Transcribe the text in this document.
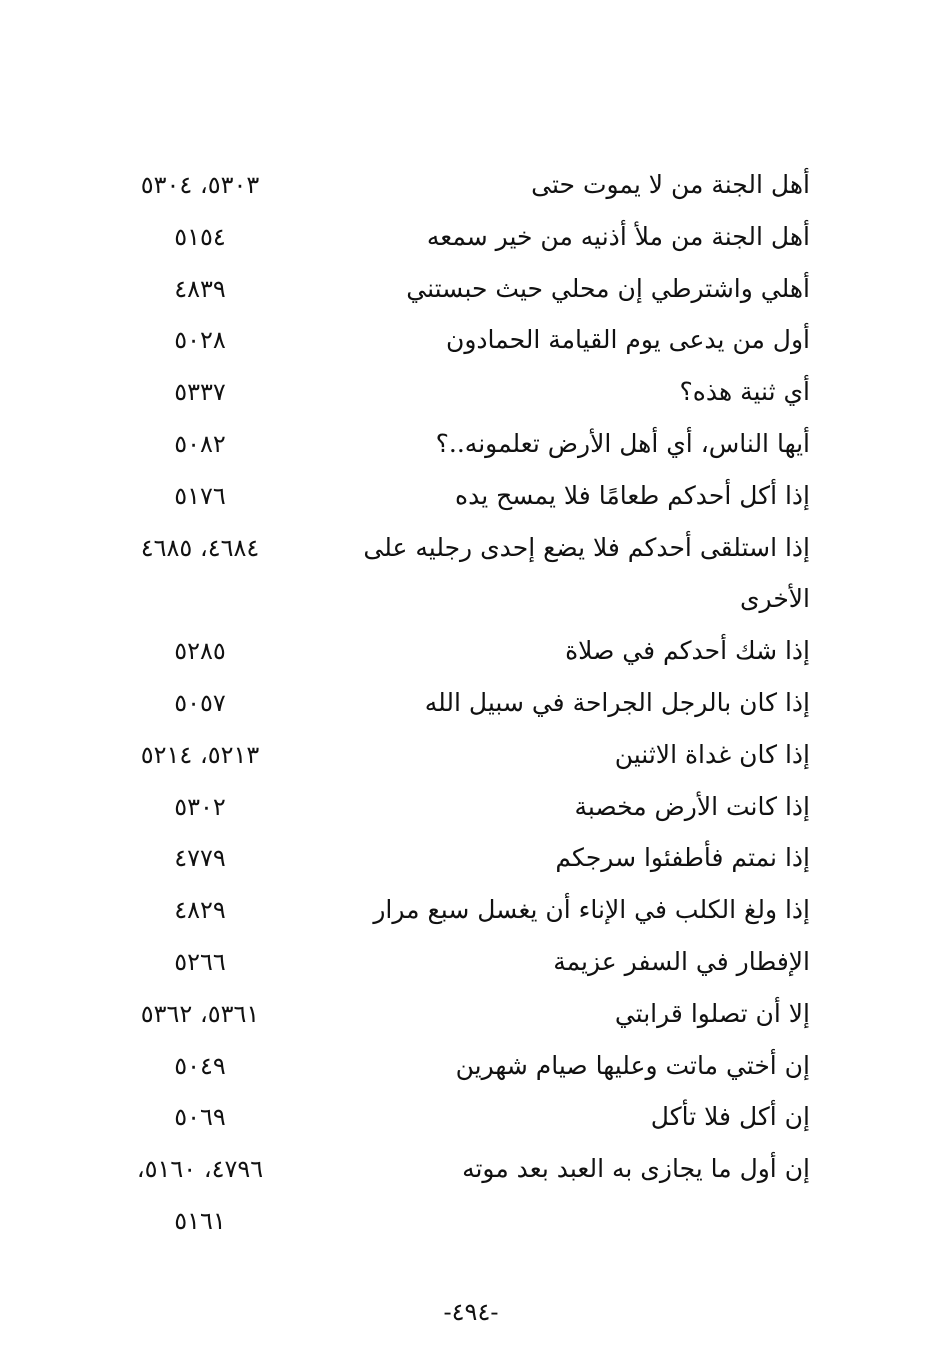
أهل الجنة من لا يموت حتى
٥٣٠٣، ٥٣٠٤
أهل الجنة من ملأ أذنيه من خير سمعه
٥١٥٤
أهلي واشترطي إن محلي حيث حبستني
٤٨٣٩
أول من يدعى يوم القيامة الحمادون
٥٠٢٨
أي ثنية هذه؟
٥٣٣٧
أيها الناس، أي أهل الأرض تعلمونه..؟
٥٠٨٢
إذا أكل أحدكم طعامًا فلا يمسح يده
٥١٧٦
إذا استلقى أحدكم فلا يضع إحدى رجليه على
٤٦٨٤، ٤٦٨٥
الأخرى
إذا شك أحدكم في صلاة
٥٢٨٥
إذا كان بالرجل الجراحة في سبيل الله
٥٠٥٧
إذا كان غداة الاثنين
٥٢١٣، ٥٢١٤
إذا كانت الأرض مخصبة
٥٣٠٢
إذا نمتم فأطفئوا سرجكم
٤٧٧٩
إذا ولغ الكلب في الإناء أن يغسل سبع مرار
٤٨٢٩
الإفطار في السفر عزيمة
٥٢٦٦
إلا أن تصلوا قرابتي
٥٣٦١، ٥٣٦٢
إن أختي ماتت وعليها صيام شهرين
٥٠٤٩
إن أكل فلا تأكل
٥٠٦٩
إن أول ما يجازى به العبد بعد موته
٤٧٩٦، ٥١٦٠،
٥١٦١
-٤٩٤-
